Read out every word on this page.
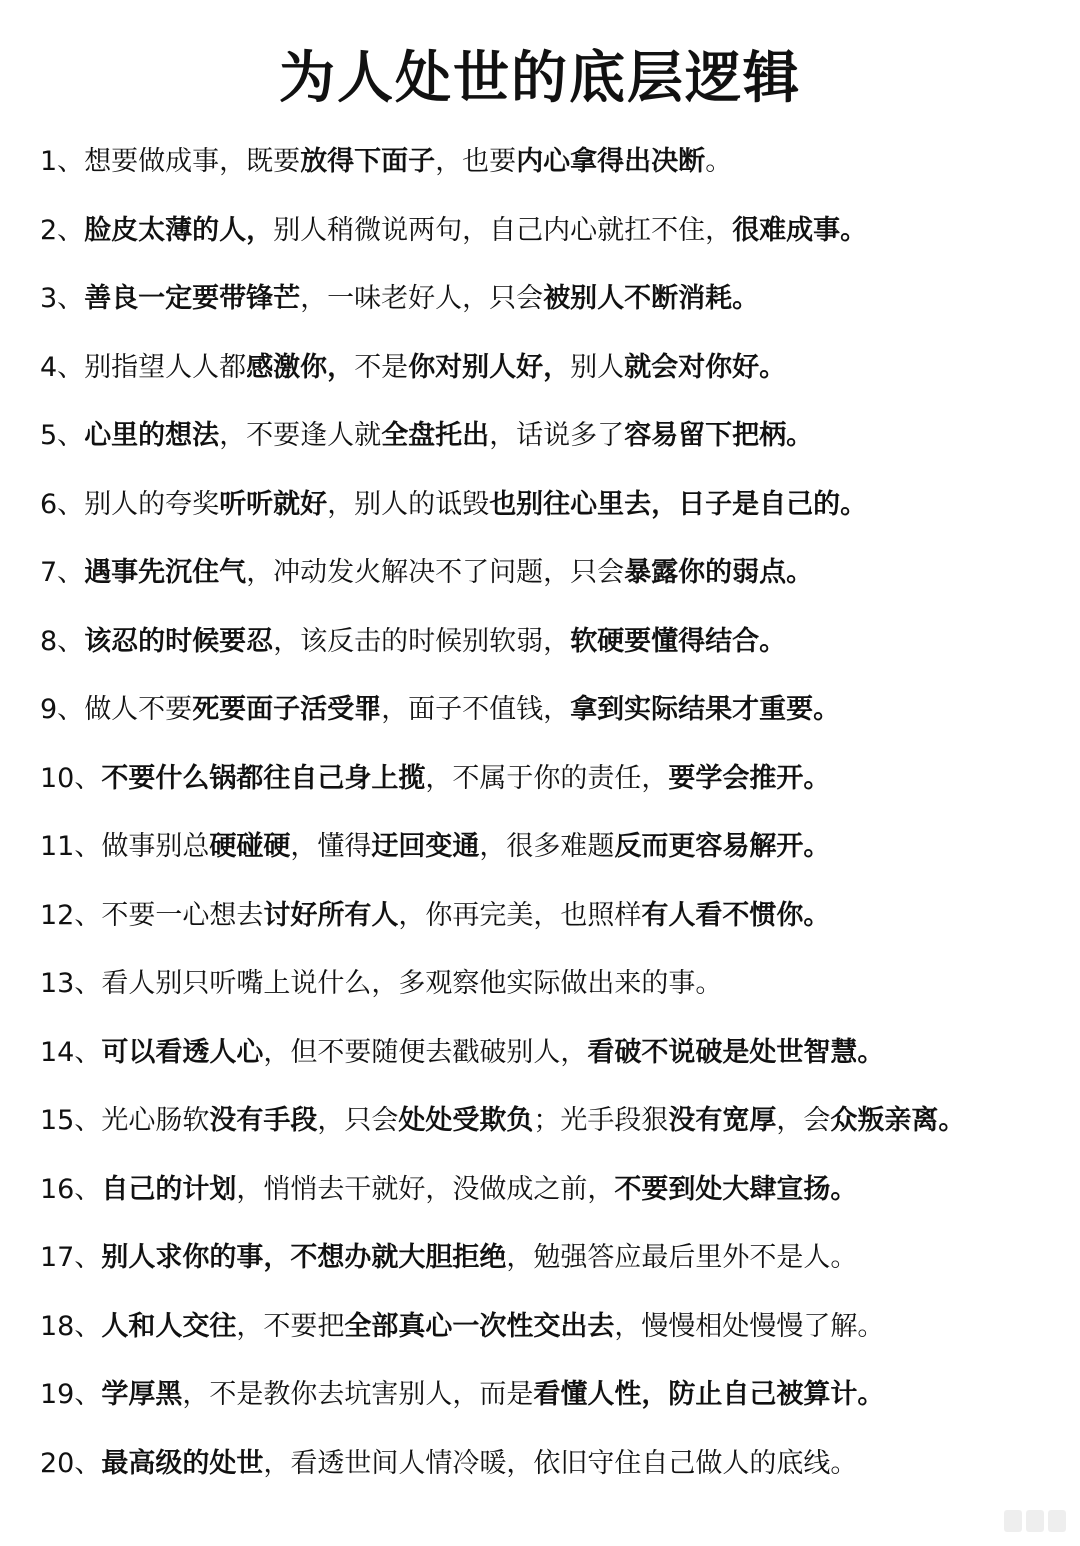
为人处世的底层逻辑
1、想要做成事，既要放得下面子，也要内心拿得出决断。
2、脸皮太薄的人，别人稍微说两句，自己内心就扛不住，很难成事。
3、善良一定要带锋芒，一味老好人，只会被别人不断消耗。
4、别指望人人都感激你，不是你对别人好，别人就会对你好。
5、心里的想法，不要逢人就全盘托出，话说多了容易留下把柄。
6、别人的夸奖听听就好，别人的诋毁也别往心里去，日子是自己的。
7、遇事先沉住气，冲动发火解决不了问题，只会暴露你的弱点。
8、该忍的时候要忍，该反击的时候别软弱，软硬要懂得结合。
9、做人不要死要面子活受罪，面子不值钱，拿到实际结果才重要。
10、不要什么锅都往自己身上揽，不属于你的责任，要学会推开。
11、做事别总硬碰硬，懂得迂回变通，很多难题反而更容易解开。
12、不要一心想去讨好所有人，你再完美，也照样有人看不惯你。
13、看人别只听嘴上说什么，多观察他实际做出来的事。
14、可以看透人心，但不要随便去戳破别人，看破不说破是处世智慧。
15、光心肠软没有手段，只会处处受欺负；光手段狠没有宽厚，会众叛亲离。
16、自己的计划，悄悄去干就好，没做成之前，不要到处大肆宣扬。
17、别人求你的事，不想办就大胆拒绝，勉强答应最后里外不是人。
18、人和人交往，不要把全部真心一次性交出去，慢慢相处慢慢了解。
19、学厚黑，不是教你去坑害别人，而是看懂人性，防止自己被算计。
20、最高级的处世，看透世间人情冷暖，依旧守住自己做人的底线。
